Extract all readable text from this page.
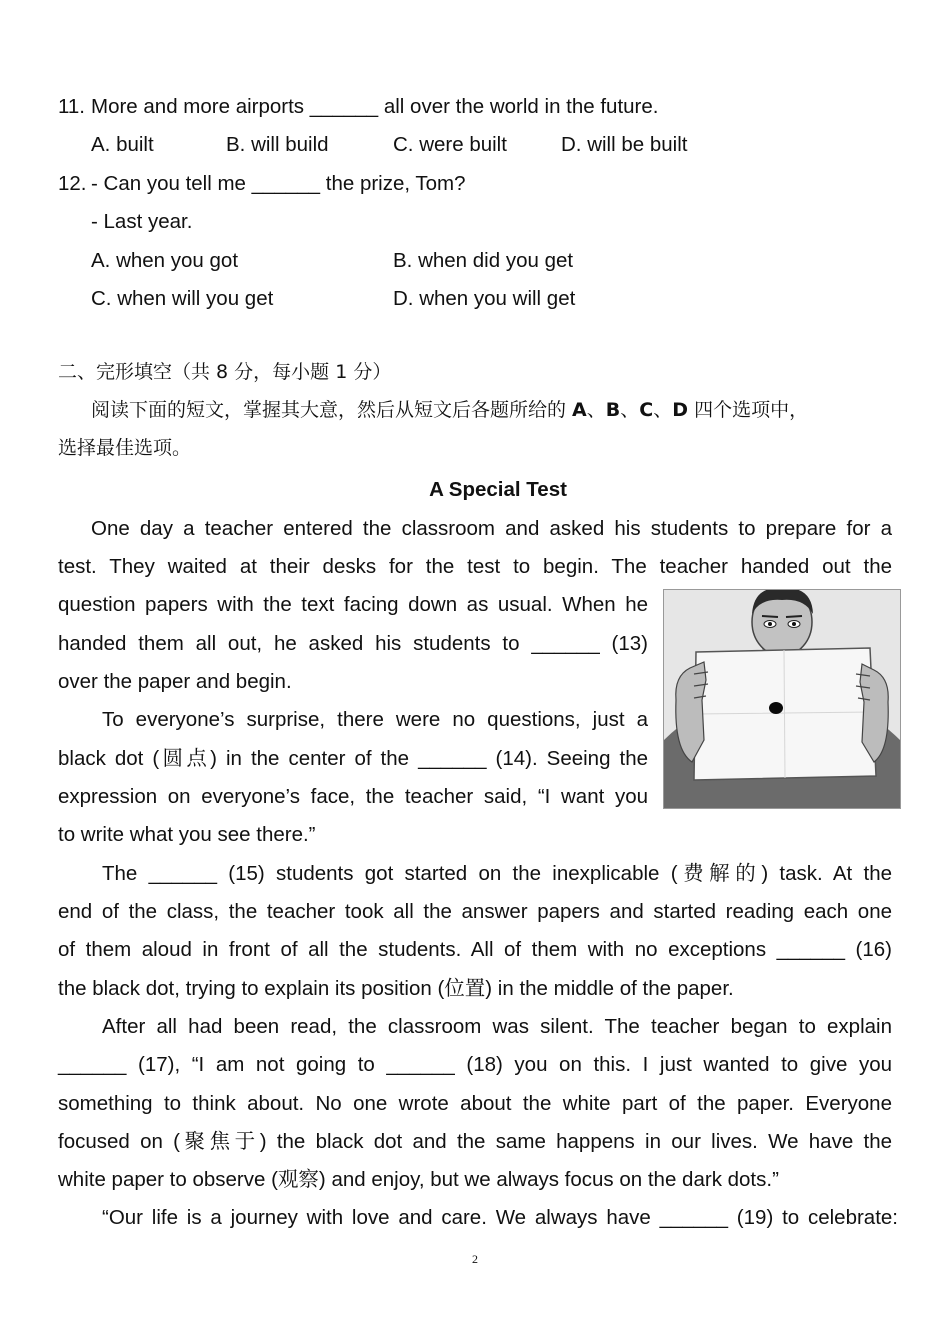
11. More and more airports ______ all over the world in the future.
A. built	B. will build	C. were built	D. will be built
12. - Can you tell me ______ the prize, Tom?
- Last year.
A. when you got	B. when did you get
C. when will you get	D. when you will get
二、完形填空（共 8 分，每小题 1 分）
阅读下面的短文，掌握其大意，然后从短文后各题所给的 A、B、C、D 四个选项中，
选择最佳选项。
A Special Test
One day a teacher entered the classroom and asked his students to prepare for a
test. They waited at their desks for the test to begin. The teacher handed out the
question papers with the text facing down as usual. When he
handed them all out, he asked his students to ______ (13)
over the paper and begin.
To everyone’s surprise, there were no questions, just a
black dot (圆点) in the center of the ______ (14). Seeing the
expression on everyone’s face, the teacher said, “I want you
to write what you see there.”
The ______ (15) students got started on the inexplicable (费解的) task. At the
end of the class, the teacher took all the answer papers and started reading each one
of them aloud in front of all the students. All of them with no exceptions ______ (16)
the black dot, trying to explain its position (位置) in the middle of the paper.
After all had been read, the classroom was silent. The teacher began to explain
______ (17), “I am not going to ______ (18) you on this. I just wanted to give you
something to think about. No one wrote about the white part of the paper. Everyone
focused on (聚焦于) the black dot and the same happens in our lives. We have the
white paper to observe (观察) and enjoy, but we always focus on the dark dots.”
“Our life is a journey with love and care. We always have ______ (19) to celebrate:
2
